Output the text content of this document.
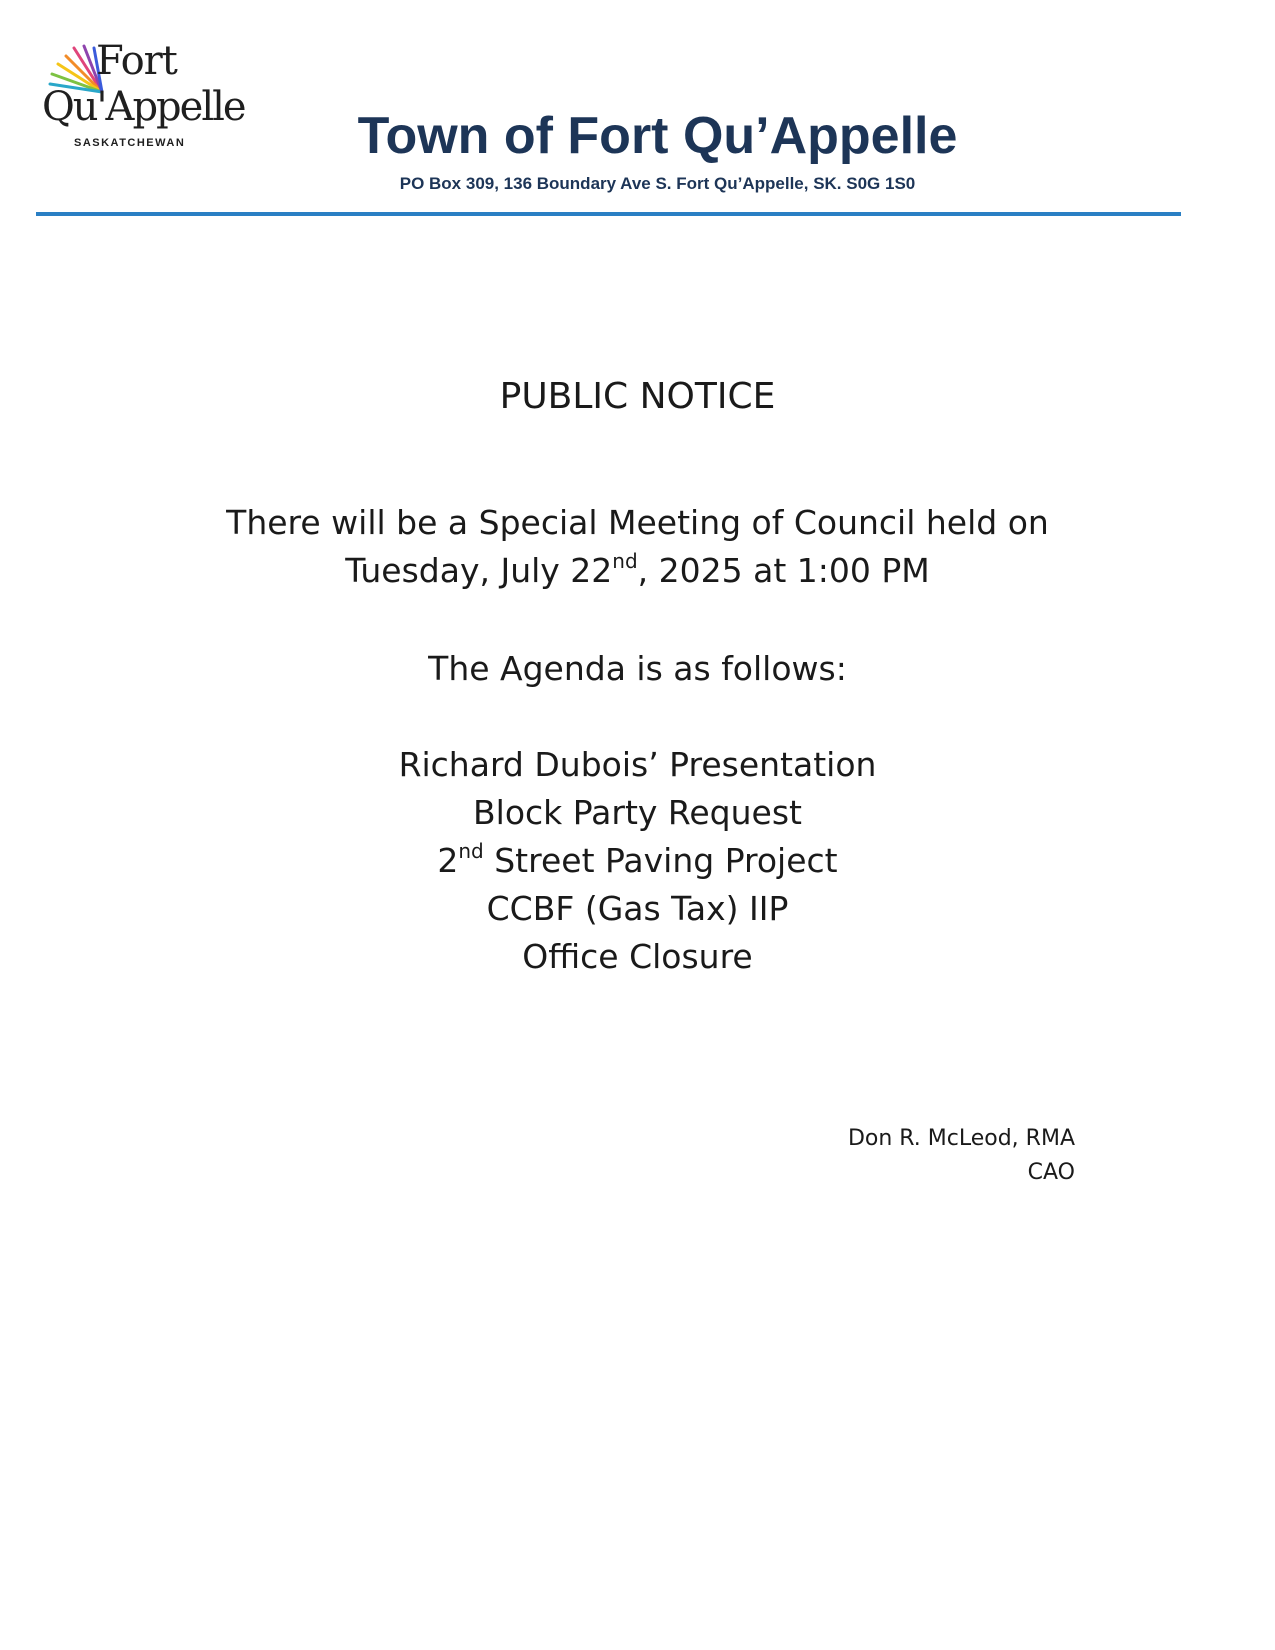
Fort
Qu'Appelle
SASKATCHEWAN	Town of Fort Qu’Appelle
PO Box 309, 136 Boundary Ave S. Fort Qu’Appelle, SK. S0G 1S0
PUBLIC NOTICE
There will be a Special Meeting of Council held on
Tuesday, July 22nd, 2025 at 1:00 PM
The Agenda is as follows:
Richard Dubois’ Presentation
Block Party Request
2nd Street Paving Project
CCBF (Gas Tax) IIP
Office Closure
Don R. McLeod, RMA
CAO
